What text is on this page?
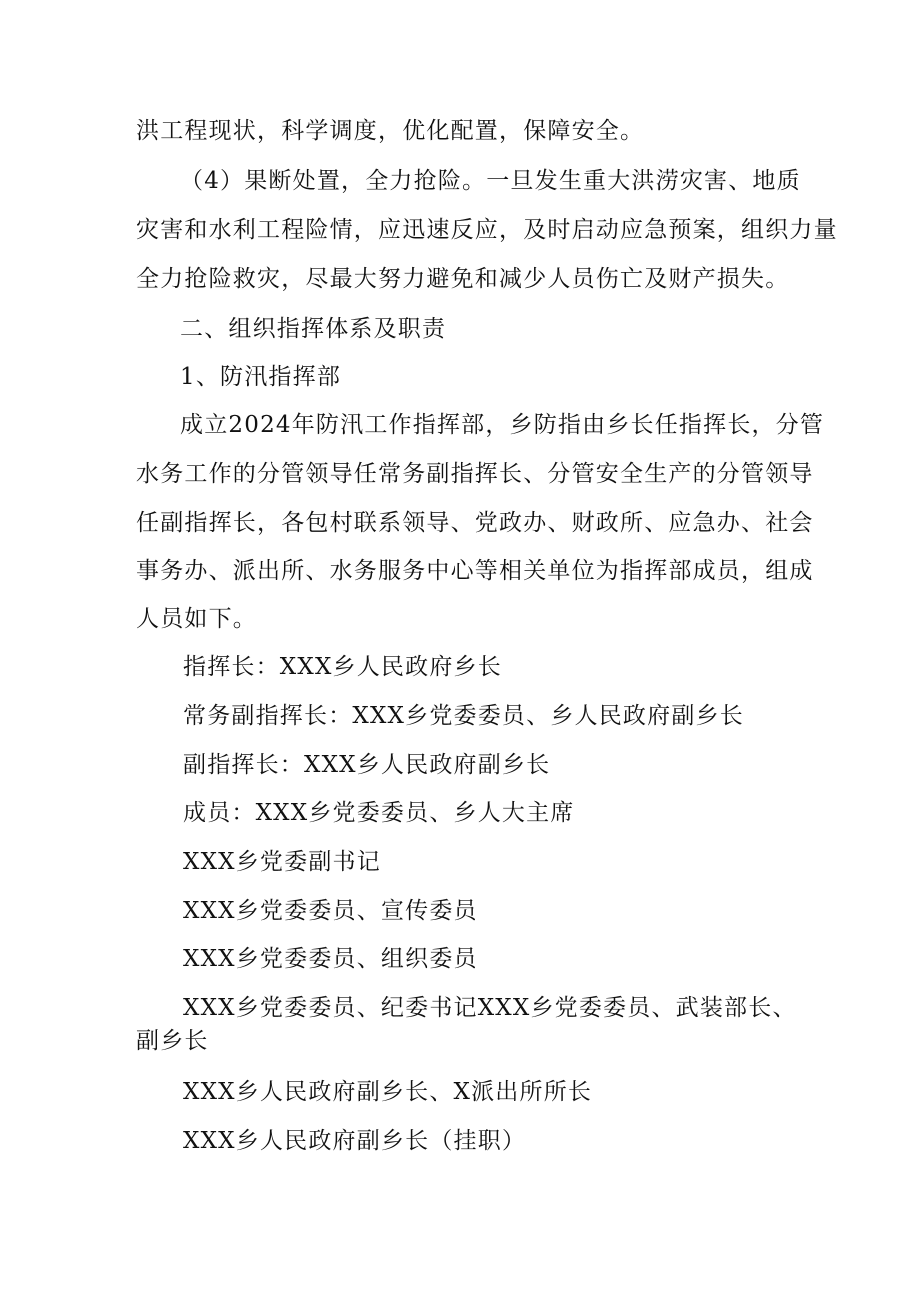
洪工程现状，科学调度，优化配置，保障安全。
（4）果断处置，全力抢险。一旦发生重大洪涝灾害、地质
灾害和水利工程险情，应迅速反应，及时启动应急预案，组织力量
全力抢险救灾，尽最大努力避免和减少人员伤亡及财产损失。
二、组织指挥体系及职责
1、防汛指挥部
成立2024年防汛工作指挥部，乡防指由乡长任指挥长，分管
水务工作的分管领导任常务副指挥长、分管安全生产的分管领导
任副指挥长，各包村联系领导、党政办、财政所、应急办、社会
事务办、派出所、水务服务中心等相关单位为指挥部成员，组成
人员如下。
指挥长：XXX乡人民政府乡长
常务副指挥长：XXX乡党委委员、乡人民政府副乡长
副指挥长：XXX乡人民政府副乡长
成员：XXX乡党委委员、乡人大主席
XXX乡党委副书记
XXX乡党委委员、宣传委员
XXX乡党委委员、组织委员
XXX乡党委委员、纪委书记XXX乡党委委员、武装部长、
副乡长
XXX乡人民政府副乡长、X派出所所长
XXX乡人民政府副乡长（挂职）
